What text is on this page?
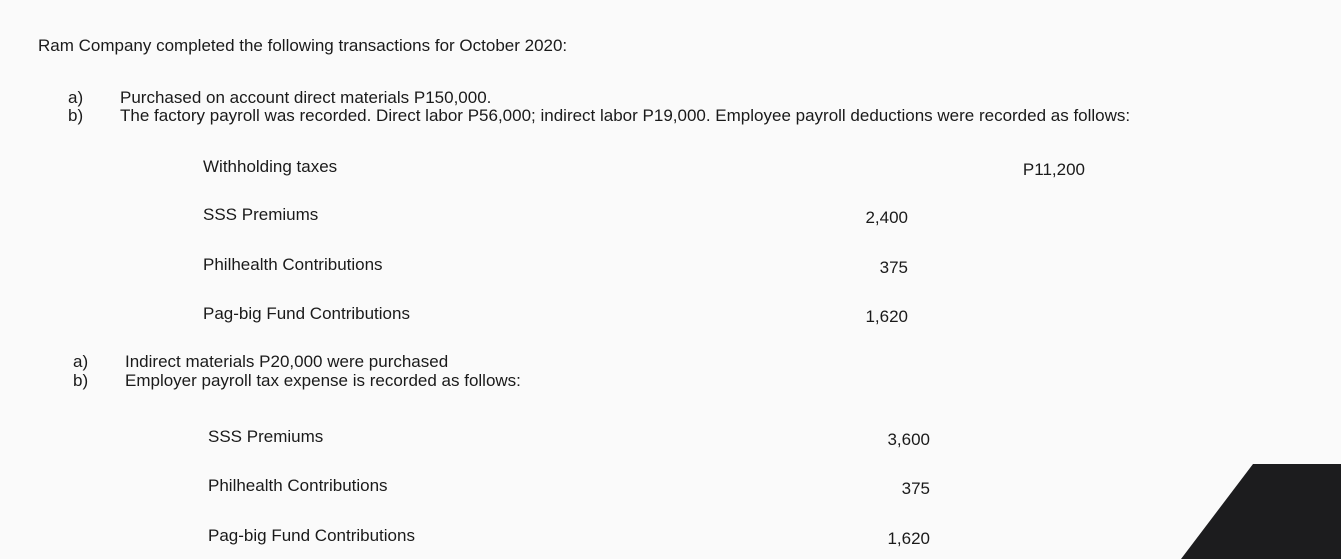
Ram Company completed the following transactions for October 2020:
a) Purchased on account direct materials P150,000.
b) The factory payroll was recorded. Direct labor P56,000; indirect labor P19,000. Employee payroll deductions were recorded as follows:
Withholding taxes	P11,200
SSS Premiums	2,400
Philhealth Contributions	375
Pag-big Fund Contributions	1,620
a) Indirect materials P20,000 were purchased
b) Employer payroll tax expense is recorded as follows:
SSS Premiums	3,600
Philhealth Contributions	375
Pag-big Fund Contributions	1,620
